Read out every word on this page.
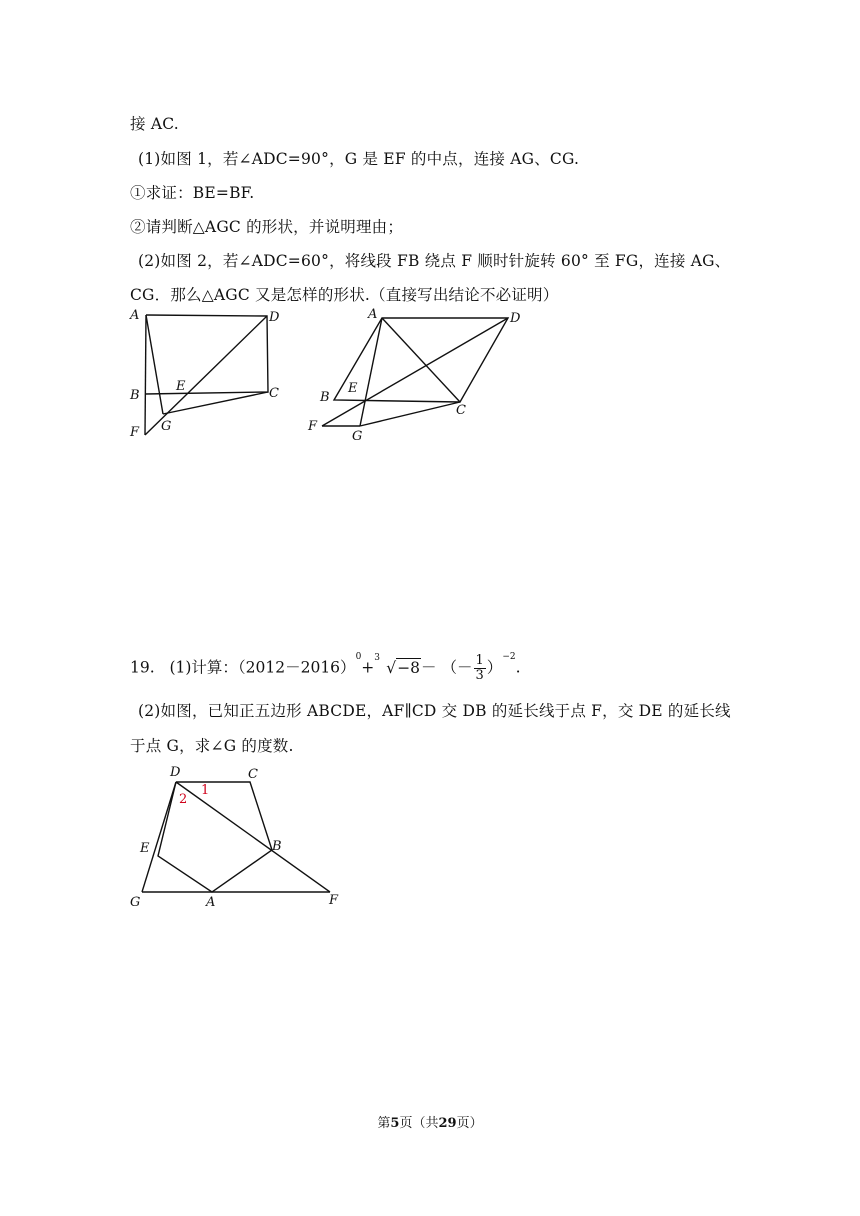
接 AC.
(1)如图 1，若∠ADC=90°，G 是 EF 的中点，连接 AG、CG.
①求证：BE=BF.
②请判断△AGC 的形状，并说明理由；
(2)如图 2，若∠ADC=60°，将线段 FB 绕点 F 顺时针旋转 60° 至 FG，连接 AG、
CG．那么△AGC 又是怎样的形状.（直接写出结论不必证明）
A	D
B
E	C
F G
A	D
B
E
C
F
G
19. (1)计算：$(2012-2016)^0+$
3
√−8－ （－ $\frac{1}{3} )^{-2}$.
(2)如图，已知正五边形 ABCDE，AF∥CD 交 DB 的延长线于点 F，交 DE 的延长线
于点 G，求∠G 的度数.
D	C
2
1
E	B
G	A	F
第5页（共29页）
